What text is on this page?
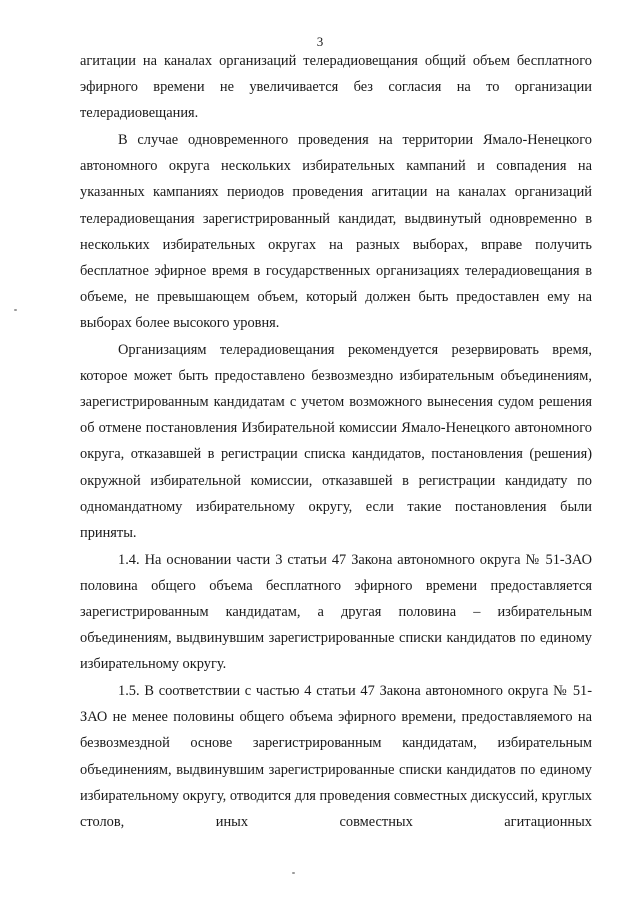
3

агитации на каналах организаций телерадиовещания общий объем бесплатного эфирного времени не увеличивается без согласия на то организации телерадиовещания.

В случае одновременного проведения на территории Ямало-Ненецкого автономного округа нескольких избирательных кампаний и совпадения на указанных кампаниях периодов проведения агитации на каналах организаций телерадиовещания зарегистрированный кандидат, выдвинутый одновременно в нескольких избирательных округах на разных выборах, вправе получить бесплатное эфирное время в государственных организациях телерадиовещания в объеме, не превышающем объем, который должен быть предоставлен ему на выборах более высокого уровня.

Организациям телерадиовещания рекомендуется резервировать время, которое может быть предоставлено безвозмездно избирательным объединениям, зарегистрированным кандидатам с учетом возможного вынесения судом решения об отмене постановления Избирательной комиссии Ямало-Ненецкого автономного округа, отказавшей в регистрации списка кандидатов, постановления (решения) окружной избирательной комиссии, отказавшей в регистрации кандидату по одномандатному избирательному округу, если такие постановления были приняты.

1.4. На основании части 3 статьи 47 Закона автономного округа № 51-ЗАО половина общего объема бесплатного эфирного времени предоставляется зарегистрированным кандидатам, а другая половина – избирательным объединениям, выдвинувшим зарегистрированные списки кандидатов по единому избирательному округу.

1.5. В соответствии с частью 4 статьи 47 Закона автономного округа № 51-ЗАО не менее половины общего объема эфирного времени, предоставляемого на безвозмездной основе зарегистрированным кандидатам, избирательным объединениям, выдвинувшим зарегистрированные списки кандидатов по единому избирательному округу, отводится для проведения совместных дискуссий, круглых столов, иных совместных агитационных
